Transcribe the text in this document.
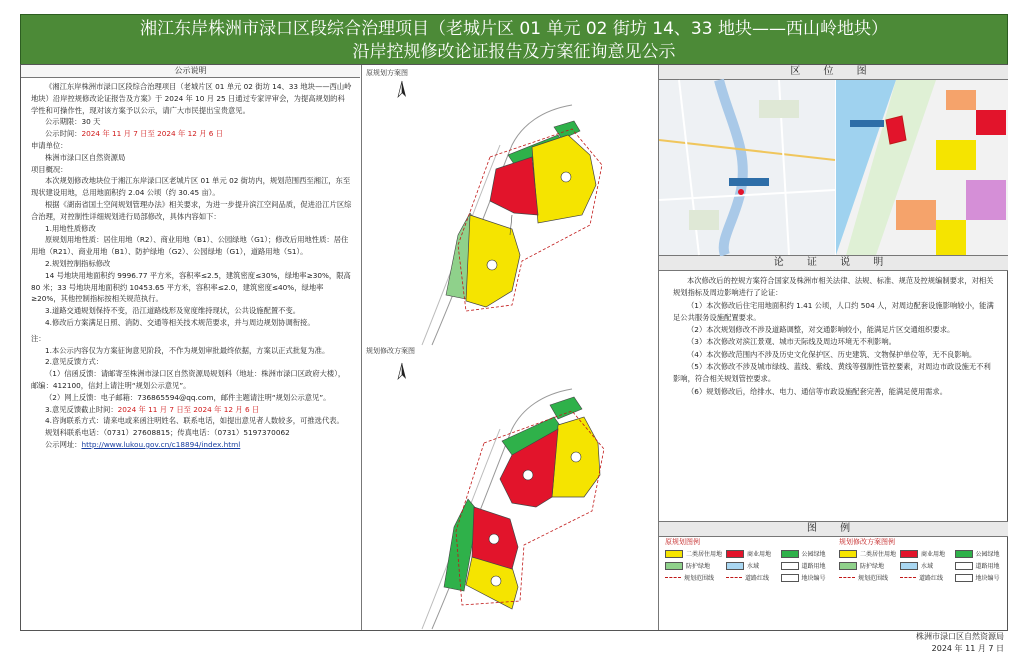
湘江东岸株洲市渌口区段综合治理项目（老城片区 01 单元 02 街坊 14、33 地块——西山岭地块）
沿岸控规修改论证报告及方案征询意见公示
公示说明

《湘江东岸株洲市渌口区段综合治理项目（老城片区 01 单元 02 街坊 14、33 地块——西山岭地块）沿岸控规修改论证报告及方案》于 2024 年 10 月 25 日通过专家评审会，为提高规划的科学性和可操作性，现对该方案予以公示，请广大市民提出宝贵意见。

公示期限：30 天

公示时间：2024 年 11 月 7 日至 2024 年 12 月 6 日

申请单位：

株洲市渌口区自然资源局

项目概况：

本次规划修改地块位于湘江东岸渌口区老城片区 01 单元 02 街坊内，规划范围西至湘江，东至现状建设用地，总用地面积约 2.04 公顷（约 30.45 亩）。

根据《湖南省国土空间规划管理办法》相关要求，为进一步提升滨江空间品质，促进沿江片区综合治理，对控制性详细规划进行局部修改，具体内容如下：

1.用地性质修改

原规划用地性质：居住用地（R2）、商业用地（B1）、公园绿地（G1）；修改后用地性质：居住用地（R21）、商业用地（B1）、防护绿地（G2）、公园绿地（G1），道路用地（S1）。

2.规划控制指标修改

14 号地块用地面积约 9996.77 平方米，容积率≤2.5，建筑密度≤30%，绿地率≥30%，限高 80 米；33 号地块用地面积约 10453.65 平方米，容积率≤2.0，建筑密度≤40%，绿地率≥20%，其他控制指标按相关规范执行。

3.道路交通规划保持不变，沿江道路线形及宽度维持现状，公共设施配置不变。

4.修改后方案满足日照、消防、交通等相关技术规范要求，并与周边规划协调衔接。

注：

1.本公示内容仅为方案征询意见阶段，不作为规划审批最终依据，方案以正式批复为准。

2.意见反馈方式：

（1）信函反馈：请邮寄至株洲市渌口区自然资源局规划科（地址：株洲市渌口区政府大楼），邮编：412100，信封上请注明“规划公示意见”。

（2）网上反馈：电子邮箱：736865594@qq.com，邮件主题请注明“规划公示意见”。

3.意见反馈截止时间：2024 年 11 月 7 日至 2024 年 12 月 6 日

4.咨询联系方式：请来电或来函注明姓名、联系电话，如提出意见者人数较多，可推选代表。

规划科联系电话：（0731）27608815；传真电话：（0731）5197370062

公示网址：http://www.lukou.gov.cn/c18894/index.html

原规划方案图
规划修改方案图
区 位 图
论 证 说 明

本次修改后的控规方案符合国家及株洲市相关法律、法规、标准、规范及控规编制要求，对相关规划指标及周边影响进行了论证：

（1）本次修改后住宅用地面积约 1.41 公顷，人口约 504 人，对周边配套设施影响较小，能满足公共服务设施配置要求。

（2）本次规划修改不涉及道路调整，对交通影响较小，能满足片区交通组织要求。

（3）本次修改对滨江景观、城市天际线及周边环境无不利影响。

（4）本次修改范围内不涉及历史文化保护区、历史建筑、文物保护单位等，无不良影响。

（5）本次修改不涉及城市绿线、蓝线、紫线、黄线等强制性管控要素，对周边市政设施无不利影响，符合相关规划管控要求。

（6）规划修改后，给排水、电力、通信等市政设施配套完善，能满足使用需求。

图 例
原规划图例
二类居住用地	商业用地	公园绿地
防护绿地	水域	道路用地
规划范围线	道路红线	地块编号
规划修改方案图例
二类居住用地	商业用地	公园绿地
防护绿地	水域	道路用地
规划范围线	道路红线	地块编号
株洲市渌口区自然资源局
2024 年 11 月 7 日
